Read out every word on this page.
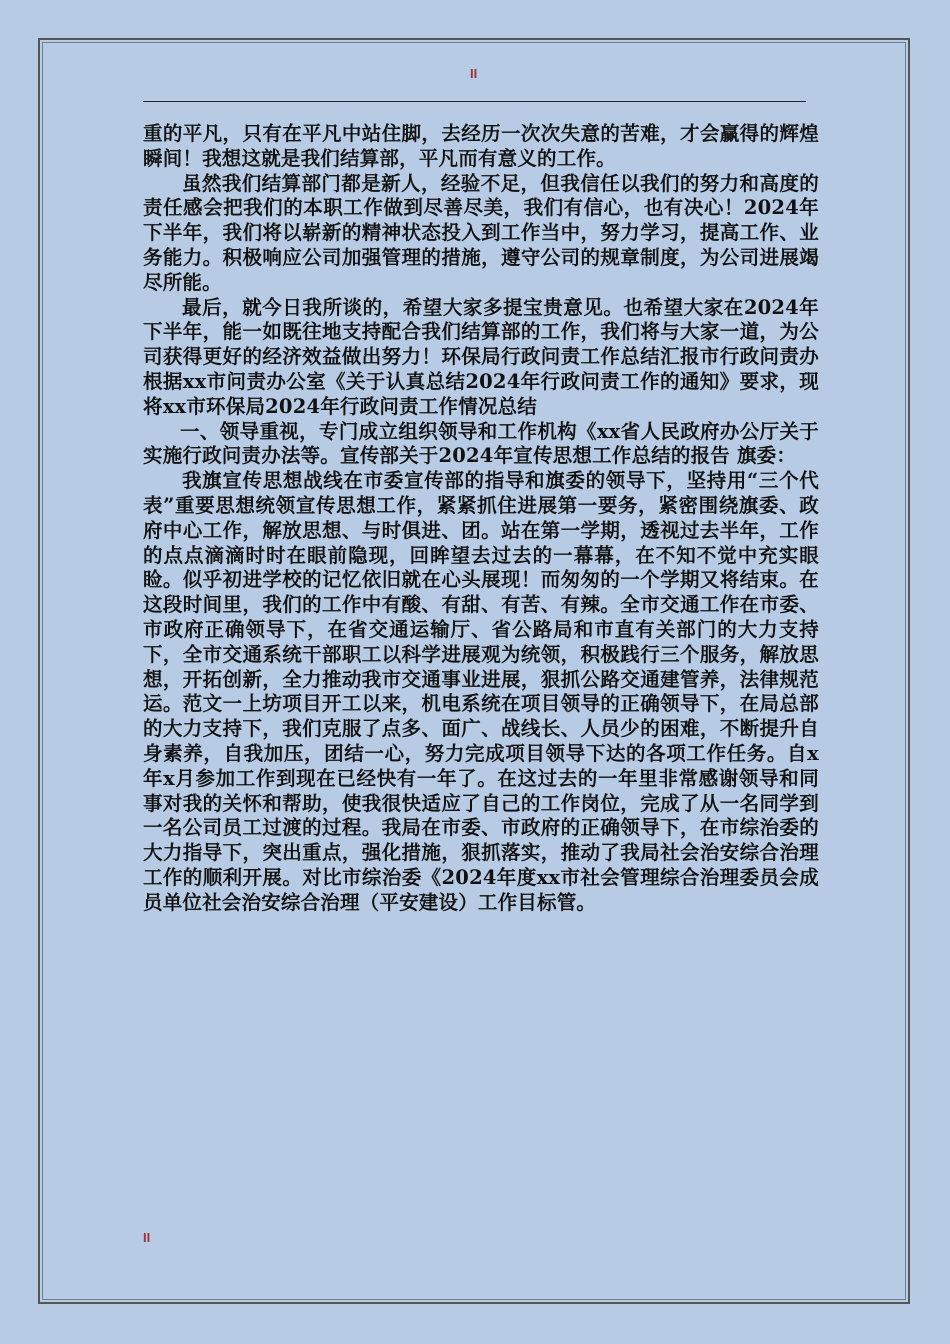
II

重的平凡，只有在平凡中站住脚，去经历一次次失意的苦难，才会赢得的辉煌瞬间！我想这就是我们结算部，平凡而有意义的工作。

虽然我们结算部门都是新人，经验不足，但我信任以我们的努力和高度的责任感会把我们的本职工作做到尽善尽美，我们有信心，也有决心！2024年下半年，我们将以崭新的精神状态投入到工作当中，努力学习，提高工作、业务能力。积极响应公司加强管理的措施，遵守公司的规章制度，为公司进展竭尽所能。

最后，就今日我所谈的，希望大家多提宝贵意见。也希望大家在2024年下半年，能一如既往地支持配合我们结算部的工作，我们将与大家一道，为公司获得更好的经济效益做出努力！环保局行政问责工作总结汇报市行政问责办根据xx市问责办公室《关于认真总结2024年行政问责工作的通知》要求，现将xx市环保局2024年行政问责工作情况总结

一、领导重视，专门成立组织领导和工作机构《xx省人民政府办公厅关于实施行政问责办法等。宣传部关于2024年宣传思想工作总结的报告 旗委：

我旗宣传思想战线在市委宣传部的指导和旗委的领导下，坚持用“三个代表”重要思想统领宣传思想工作，紧紧抓住进展第一要务，紧密围绕旗委、政府中心工作，解放思想、与时俱进、团。站在第一学期，透视过去半年，工作的点点滴滴时时在眼前隐现，回眸望去过去的一幕幕，在不知不觉中充实眼睑。似乎初进学校的记忆依旧就在心头展现！而匆匆的一个学期又将结束。在这段时间里，我们的工作中有酸、有甜、有苦、有辣。全市交通工作在市委、市政府正确领导下，在省交通运输厅、省公路局和市直有关部门的大力支持下，全市交通系统干部职工以科学进展观为统领，积极践行三个服务，解放思想，开拓创新，全力推动我市交通事业进展，狠抓公路交通建管养，法律规范运。范文一上坊项目开工以来，机电系统在项目领导的正确领导下，在局总部的大力支持下，我们克服了点多、面广、战线长、人员少的困难，不断提升自身素养，自我加压，团结一心，努力完成项目领导下达的各项工作任务。自x年x月参加工作到现在已经快有一年了。在这过去的一年里非常感谢领导和同事对我的关怀和帮助，使我很快适应了自己的工作岗位，完成了从一名同学到一名公司员工过渡的过程。我局在市委、市政府的正确领导下，在市综治委的大力指导下，突出重点，强化措施，狠抓落实，推动了我局社会治安综合治理工作的顺利开展。对比市综治委《2024年度xx市社会管理综合治理委员会成员单位社会治安综合治理（平安建设）工作目标管。

II
